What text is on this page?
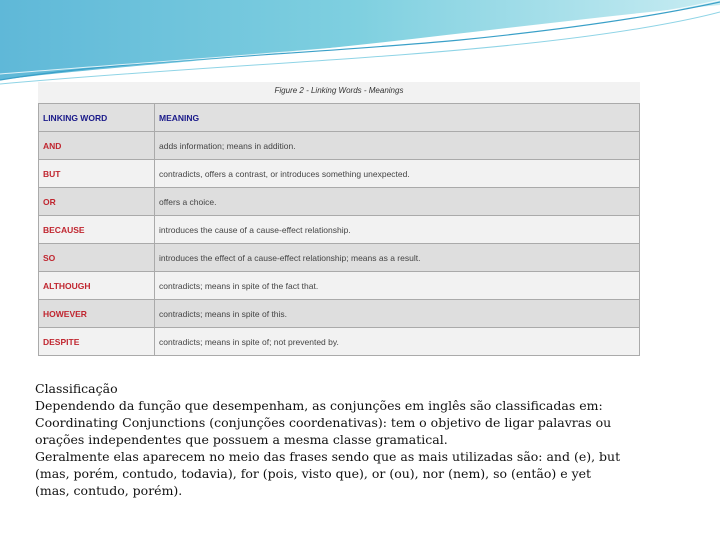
Figure 2 - Linking Words - Meanings
LINKING WORD	MEANING
AND	adds information; means in addition.
BUT	contradicts, offers a contrast, or introduces something unexpected.
OR	offers a choice.
BECAUSE	introduces the cause of a cause-effect relationship.
SO	introduces the effect of a cause-effect relationship; means as a result.
ALTHOUGH	contradicts; means in spite of the fact that.
HOWEVER	contradicts; means in spite of this.
DESPITE	contradicts; means in spite of; not prevented by.

Classificação

Dependendo da função que desempenham, as conjunções em inglês são classificadas em:

Coordinating Conjunctions (conjunções coordenativas): tem o objetivo de ligar palavras ou orações independentes que possuem a mesma classe gramatical.

Geralmente elas aparecem no meio das frases sendo que as mais utilizadas são: and (e), but (mas, porém, contudo, todavia), for (pois, visto que), or (ou), nor (nem), so (então) e yet (mas, contudo, porém).
